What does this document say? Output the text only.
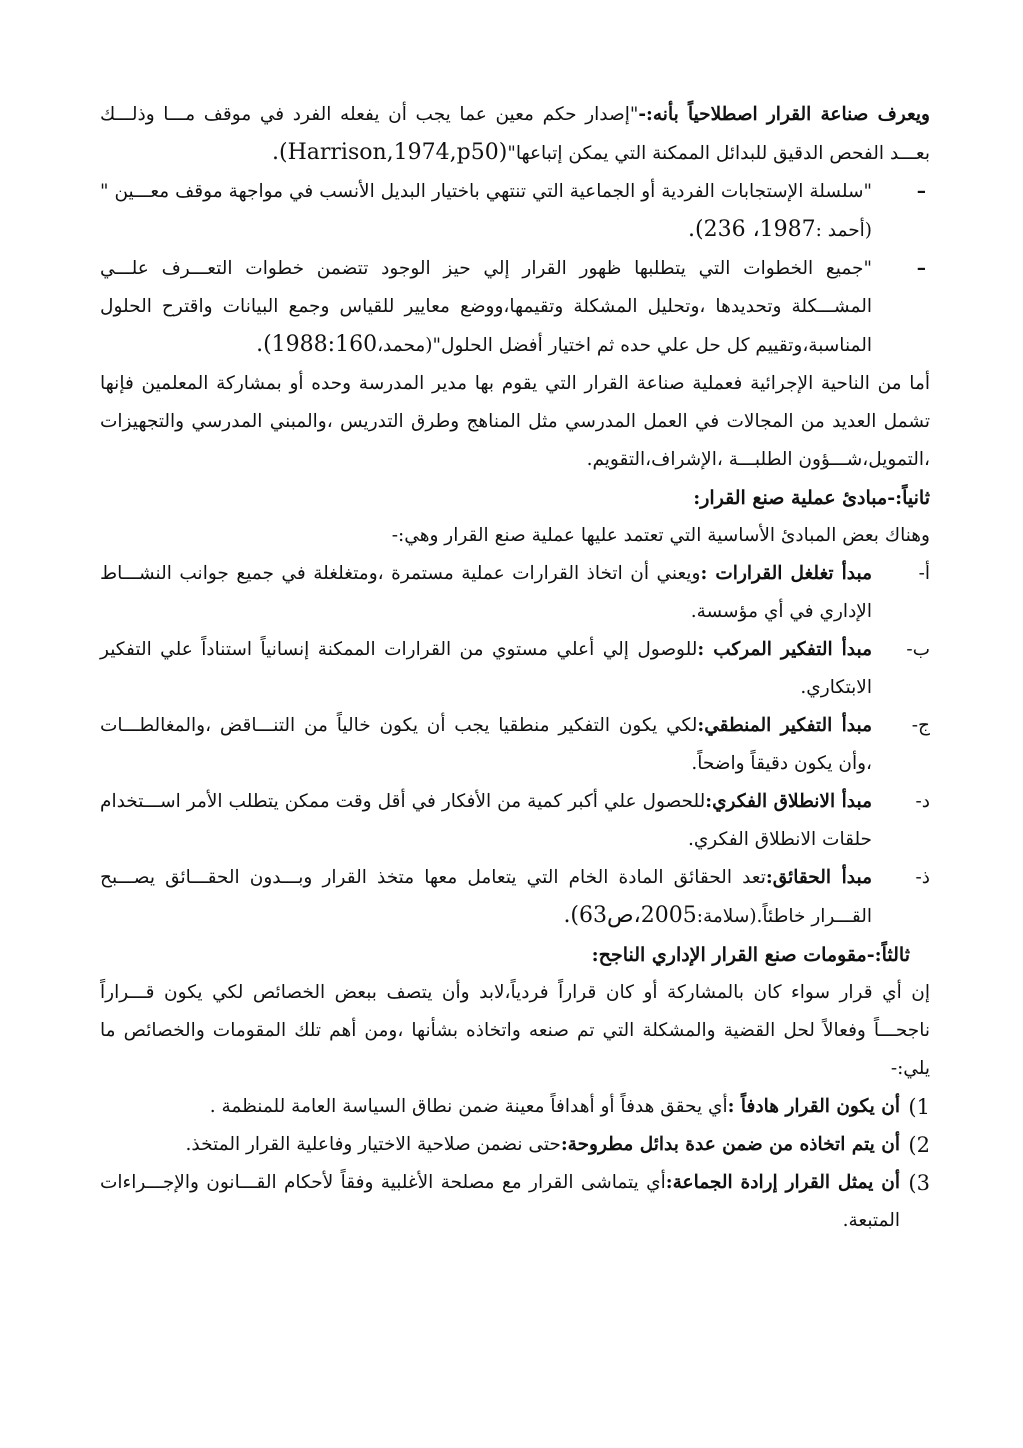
ويعرف صناعة القرار اصطلاحياً بأنه:-"إصدار حكم معين عما يجب أن يفعله الفرد في موقف مـــا وذلـــك بعـــد الفحص الدقيق للبدائل الممكنة التي يمكن إتباعها"(Harrison,1974,p50).

–
"سلسلة الإستجابات الفردية أو الجماعية التي تنتهي باختيار البديل الأنسب في مواجهة موقف معـــين "(أحمد :1987، 236).

–
"جميع الخطوات التي يتطلبها ظهور القرار إلي حيز الوجود تتضمن خطوات التعـــرف علـــي المشـــكلة وتحديدها ،وتحليل المشكلة وتقيمها،ووضع معايير للقياس وجمع البيانات واقترح الحلول المناسبة،وتقييم كل حل علي حده ثم اختيار أفضل الحلول"(محمد،1988:160).

أما من الناحية الإجرائية فعملية صناعة القرار التي يقوم بها مدير المدرسة وحده أو بمشاركة المعلمين فإنها تشمل العديد من المجالات في العمل المدرسي مثل المناهج وطرق التدريس ،والمبني المدرسي والتجهيزات ،التمويل،شـــؤون الطلبـــة ،الإشراف،التقويم.

ثانياً:-مبادئ عملية صنع القرار:

وهناك بعض المبادئ الأساسية التي تعتمد عليها عملية صنع القرار وهي:-

أ-
مبدأ تغلغل القرارات :ويعني أن اتخاذ القرارات عملية مستمرة ،ومتغلغلة في جميع جوانب النشـــاط الإداري في أي مؤسسة.

ب-
مبدأ التفكير المركب :للوصول إلي أعلي مستوي من القرارات الممكنة إنسانياً استناداً علي التفكير الابتكاري.

ج-
مبدأ التفكير المنطقي:لكي يكون التفكير منطقيا يجب أن يكون خالياً من التنـــاقض ،والمغالطـــات ،وأن يكون دقيقاً واضحاً.

د-
مبدأ الانطلاق الفكري:للحصول علي أكبر كمية من الأفكار في أقل وقت ممكن يتطلب الأمر اســـتخدام حلقات الانطلاق الفكري.

ذ-
مبدأ الحقائق:تعد الحقائق المادة الخام التي يتعامل معها متخذ القرار وبـــدون الحقـــائق يصـــبح القـــرار خاطئاً.(سلامة:2005،ص63).

ثالثاً:-مقومات صنع القرار الإداري الناجح:

إن أي قرار سواء كان بالمشاركة أو كان قراراً فردياً،لابد وأن يتصف ببعض الخصائص لكي يكون قـــراراً ناجحـــاً وفعالاً لحل القضية والمشكلة التي تم صنعه واتخاذه بشأنها ،ومن أهم تلك المقومات والخصائص ما يلي:-

1)
أن يكون القرار هادفاً :أي يحقق هدفاً أو أهدافاً معينة ضمن نطاق السياسة العامة للمنظمة .

2)
أن يتم اتخاذه من ضمن عدة بدائل مطروحة:حتى نضمن صلاحية الاختيار وفاعلية القرار المتخذ.

3)
أن يمثل القرار إرادة الجماعة:أي يتماشى القرار مع مصلحة الأغلبية وفقاً لأحكام القـــانون والإجـــراءات المتبعة.
